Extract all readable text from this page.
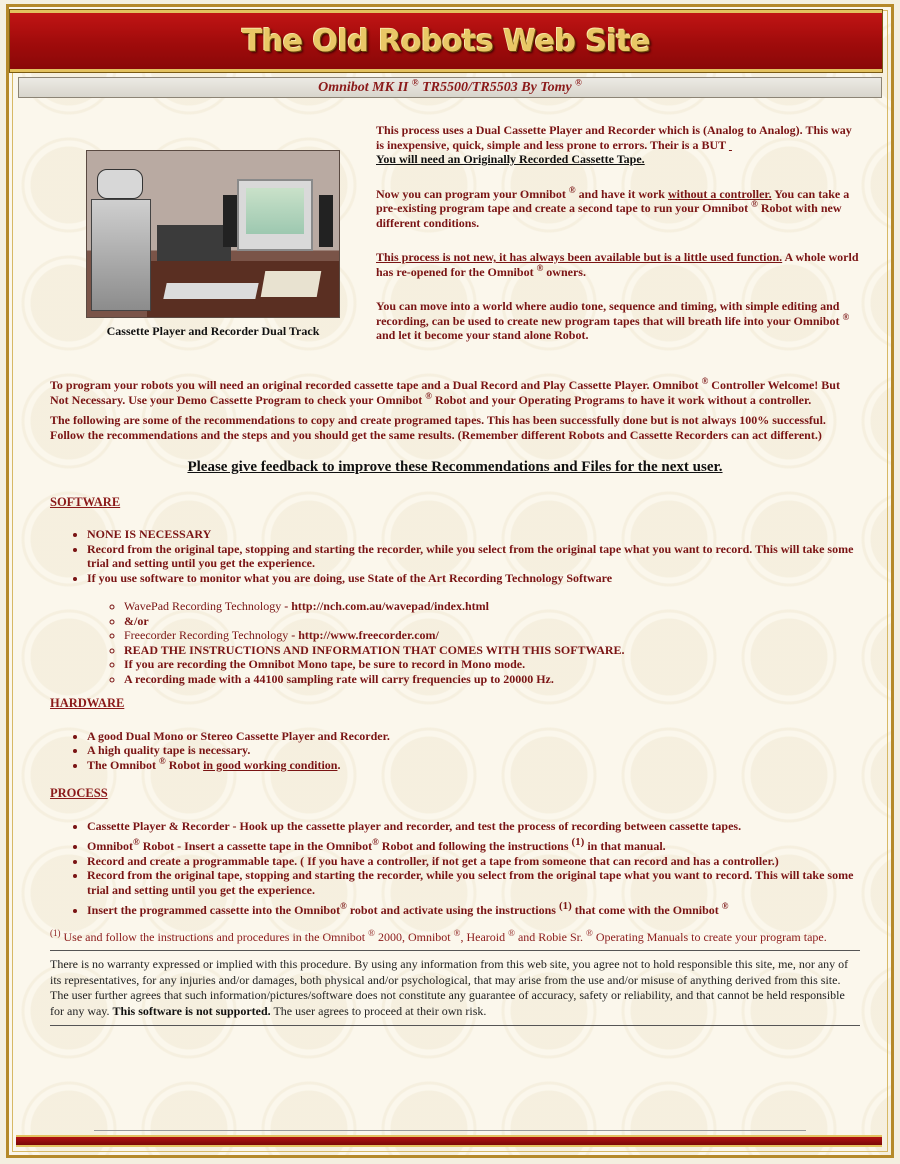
The Old Robots Web Site
Omnibot MK II ® TR5500/TR5503 By Tomy ®
Cassette Player and Recorder Dual Track

This process uses a Dual Cassette Player and Recorder which is (Analog to Analog). This way is inexpensive, quick, simple and less prone to errors. Their is a BUT
You will need an Originally Recorded Cassette Tape.

Now you can program your Omnibot ® and have it work without a controller. You can take a pre-existing program tape and create a second tape to run your Omnibot ® Robot with new different conditions.

This process is not new, it has always been available but is a little used function. A whole world has re-opened for the Omnibot ® owners.

You can move into a world where audio tone, sequence and timing, with simple editing and recording, can be used to create new program tapes that will breath life into your Omnibot ® and let it become your stand alone Robot.

To program your robots you will need an original recorded cassette tape and a Dual Record and Play Cassette Player. Omnibot ® Controller Welcome! But Not Necessary. Use your Demo Cassette Program to check your Omnibot ® Robot and your Operating Programs to have it work without a controller.

The following are some of the recommendations to copy and create programed tapes. This has been successfully done but is not always 100% successful. Follow the recommendations and the steps and you should get the same results. (Remember different Robots and Cassette Recorders can act different.)

Please give feedback to improve these Recommendations and Files for the next user.
SOFTWARE
• NONE IS NECESSARY
• Record from the original tape, stopping and starting the recorder, while you select from the original tape what you want to record. This will take some trial and setting until you get the experience.
• If you use software to monitor what you are doing, use State of the Art Recording Technology Software
◦ WavePad Recording Technology - http://nch.com.au/wavepad/index.html
◦ &/or
◦ Freecorder Recording Technology - http://www.freecorder.com/
◦ READ THE INSTRUCTIONS AND INFORMATION THAT COMES WITH THIS SOFTWARE.
◦ If you are recording the Omnibot Mono tape, be sure to record in Mono mode.
◦ A recording made with a 44100 sampling rate will carry frequencies up to 20000 Hz.
HARDWARE
• A good Dual Mono or Stereo Cassette Player and Recorder.
• A high quality tape is necessary.
• The Omnibot ® Robot in good working condition.
PROCESS
• Cassette Player & Recorder - Hook up the cassette player and recorder, and test the process of recording between cassette tapes.
• Omnibot® Robot - Insert a cassette tape in the Omnibot® Robot and following the instructions $^{(1)}$ in that manual.
• Record and create a programmable tape. ( If you have a controller, if not get a tape from someone that can record and has a controller.)
• Record from the original tape, stopping and starting the recorder, while you select from the original tape what you want to record. This will take some trial and setting until you get the experience.
• Insert the programmed cassette into the Omnibot® robot and activate using the instructions $^{(1)}$ that come with the Omnibot ®
$^{(1)}$ Use and follow the instructions and procedures in the Omnibot ® 2000, Omnibot ®, Hearoid ® and Robie Sr. ® Operating Manuals to create your program tape.
There is no warranty expressed or implied with this procedure. By using any information from this web site, you agree not to hold responsible this site, me, nor any of its representatives, for any injuries and/or damages, both physical and/or psychological, that may arise from the use and/or misuse of anything derived from this site. The user further agrees that such information/pictures/software does not constitute any guarantee of accuracy, safety or reliability, and that cannot be held responsible for any way. This software is not supported. The user agrees to proceed at their own risk.
